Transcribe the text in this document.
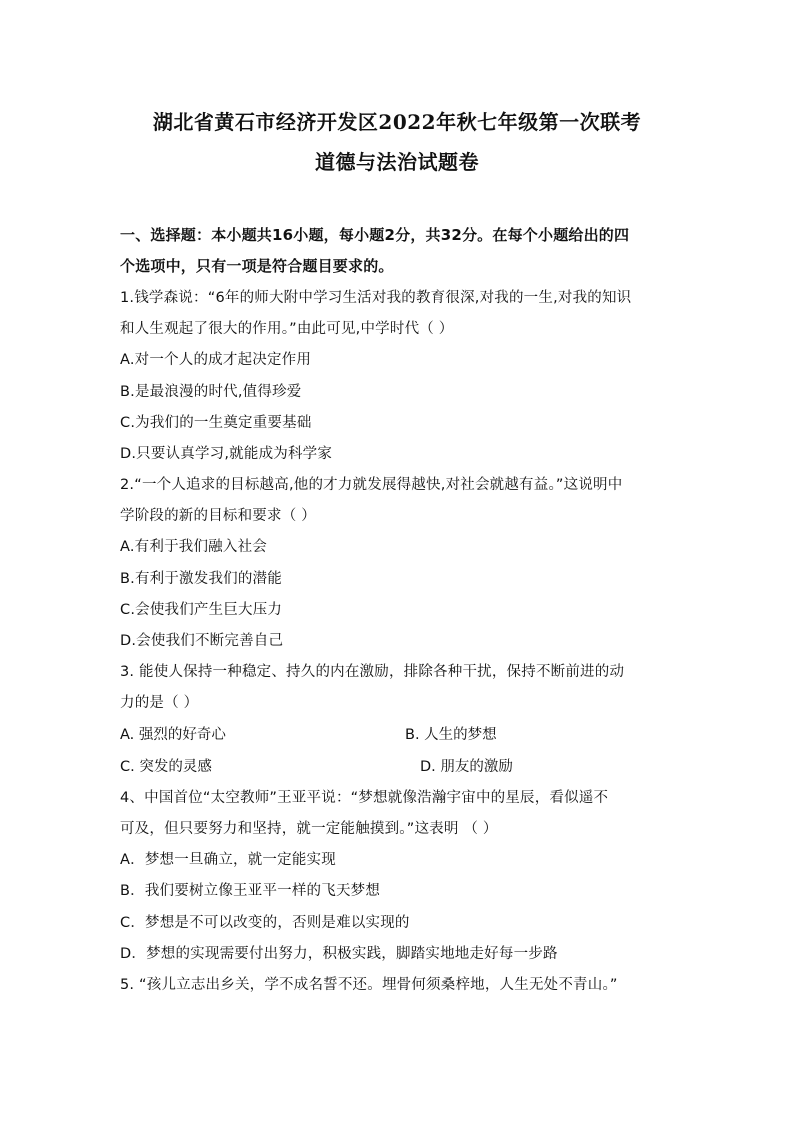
湖北省黄石市经济开发区2022年秋七年级第一次联考
道德与法治试题卷
一、选择题：本小题共16小题，每小题2分，共32分。在每个小题给出的四
个选项中，只有一项是符合题目要求的。
1.钱学森说：“6年的师大附中学习生活对我的教育很深,对我的一生,对我的知识
和人生观起了很大的作用。”由此可见,中学时代（ ）
A.对一个人的成才起决定作用
B.是最浪漫的时代,值得珍爱
C.为我们的一生奠定重要基础
D.只要认真学习,就能成为科学家
2.“一个人追求的目标越高,他的才力就发展得越快,对社会就越有益。”这说明中
学阶段的新的目标和要求（ ）
A.有利于我们融入社会
B.有利于激发我们的潜能
C.会使我们产生巨大压力
D.会使我们不断完善自己
3. 能使人保持一种稳定、持久的内在激励，排除各种干扰，保持不断前进的动
力的是（ ）
A. 强烈的好奇心	B. 人生的梦想
C. 突发的灵感	D. 朋友的激励
4、中国首位“太空教师”王亚平说：“梦想就像浩瀚宇宙中的星辰，看似遥不
可及，但只要努力和坚持，就一定能触摸到。”这表明 （ ）
A．梦想一旦确立，就一定能实现
B．我们要树立像王亚平一样的飞天梦想
C．梦想是不可以改变的，否则是难以实现的
D．梦想的实现需要付出努力，积极实践，脚踏实地地走好每一步路
5. “孩儿立志出乡关，学不成名誓不还。埋骨何须桑梓地，人生无处不青山。”
